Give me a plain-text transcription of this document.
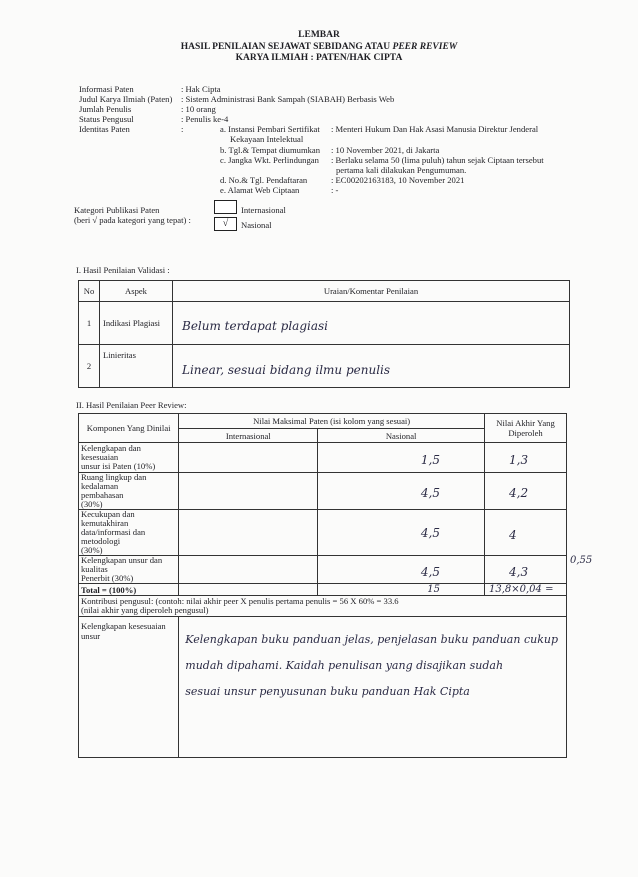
LEMBAR
HASIL PENILAIAN SEJAWAT SEBIDANG ATAU PEER REVIEW
KARYA ILMIAH : PATEN/HAK CIPTA
Informasi Paten	: Hak Cipta
Judul Karya Ilmiah (Paten) : Sistem Administrasi Bank Sampah (SIABAH) Berbasis Web
Jumlah Penulis	: 10 orang
Status Pengusul	: Penulis ke-4
Identitas Paten	:	a. Instansi Pembari Sertifikat
Kekayaan Intelektual
: Menteri Hukum Dan Hak Asasi Manusia Direktur Jenderal
b. Tgl.& Tempat diumumkan : 10 November 2021, di Jakarta
c. Jangka Wkt. Perlindungan : Berlaku selama 50 (lima puluh) tahun sejak Ciptaan tersebut
pertama kali dilakukan Pengumuman.
d. No.& Tgl. Pendaftaran	: EC00202163183, 10 November 2021
e. Alamat Web Ciptaan	: -
Kategori Publikasi Paten
(beri √ pada kategori yang tepat) :
Internasional
√	Nasional
I. Hasil Penilaian Validasi :
No	Aspek	Uraian/Komentar Penilaian
1	Indikasi Plagiasi	Belum terdapat plagiasi
2	Linieritas	Linear, sesuai bidang ilmu penulis
II. Hasil Penilaian Peer Review:
Komponen Yang Dinilai	Nilai Maksimal Paten (isi kolom yang sesuai)		Nilai Akhir Yang
Diperoleh
	Internasional	Nasional	
Kelengkapan dan kesesuaian
unsur isi Paten (10%)		1,5	1,3
Ruang lingkup dan kedalaman
pembahasan
(30%)		4,5	4,2
Kecukupan dan kemutakhiran
data/informasi dan metodologi
(30%)		4,5	4
Kelengkapan unsur dan kualitas
Penerbit (30%)		4,5	4,3
Total = (100%)		15	13,8×0,04 =
Kontribusi pengusul: (contoh: nilai akhir peer X penulis pertama penulis = 56 X 60% = 33.6
(nilai akhir yang diperoleh pengusul)			
Kelengkapan kesesuaian unsur	Kelengkapan buku panduan jelas, penjelasan buku panduan cukup
mudah dipahami. Kaidah penulisan yang disajikan sudah
sesuai unsur penyusunan buku panduan Hak Cipta		
0,55
